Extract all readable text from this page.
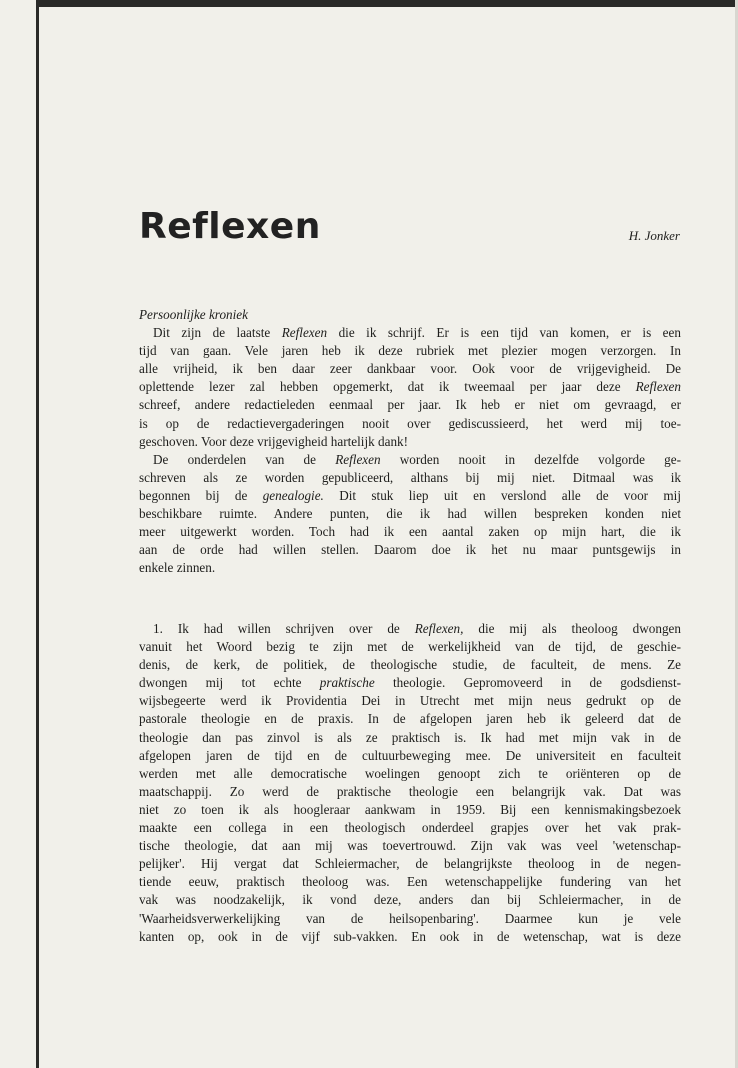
Reflexen	H. Jonker

Persoonlijke kroniek

Dit zijn de laatste Reflexen die ik schrijf. Er is een tijd van komen, er is een
tijd van gaan. Vele jaren heb ik deze rubriek met plezier mogen verzorgen. In
alle vrijheid, ik ben daar zeer dankbaar voor. Ook voor de vrijgevigheid. De
oplettende lezer zal hebben opgemerkt, dat ik tweemaal per jaar deze Reflexen
schreef, andere redactieleden eenmaal per jaar. Ik heb er niet om gevraagd, er
is op de redactievergaderingen nooit over gediscussieerd, het werd mij toe-
geschoven. Voor deze vrijgevigheid hartelijk dank!

De onderdelen van de Reflexen worden nooit in dezelfde volgorde ge-
schreven als ze worden gepubliceerd, althans bij mij niet. Ditmaal was ik
begonnen bij de genealogie. Dit stuk liep uit en verslond alle de voor mij
beschikbare ruimte. Andere punten, die ik had willen bespreken konden niet
meer uitgewerkt worden. Toch had ik een aantal zaken op mijn hart, die ik
aan de orde had willen stellen. Daarom doe ik het nu maar puntsgewijs in
enkele zinnen.

1. Ik had willen schrijven over de Reflexen, die mij als theoloog dwongen
vanuit het Woord bezig te zijn met de werkelijkheid van de tijd, de geschie-
denis, de kerk, de politiek, de theologische studie, de faculteit, de mens. Ze
dwongen mij tot echte praktische theologie. Gepromoveerd in de godsdienst-
wijsbegeerte werd ik Providentia Dei in Utrecht met mijn neus gedrukt op de
pastorale theologie en de praxis. In de afgelopen jaren heb ik geleerd dat de
theologie dan pas zinvol is als ze praktisch is. Ik had met mijn vak in de
afgelopen jaren de tijd en de cultuurbeweging mee. De universiteit en faculteit
werden met alle democratische woelingen genoopt zich te oriënteren op de
maatschappij. Zo werd de praktische theologie een belangrijk vak. Dat was
niet zo toen ik als hoogleraar aankwam in 1959. Bij een kennismakingsbezoek
maakte een collega in een theologisch onderdeel grapjes over het vak prak-
tische theologie, dat aan mij was toevertrouwd. Zijn vak was veel 'wetenschap-
pelijker'. Hij vergat dat Schleiermacher, de belangrijkste theoloog in de negen-
tiende eeuw, praktisch theoloog was. Een wetenschappelijke fundering van het
vak was noodzakelijk, ik vond deze, anders dan bij Schleiermacher, in de
'Waarheidsverwerkelijking van de heilsopenbaring'. Daarmee kun je vele
kanten op, ook in de vijf sub-vakken. En ook in de wetenschap, wat is deze
